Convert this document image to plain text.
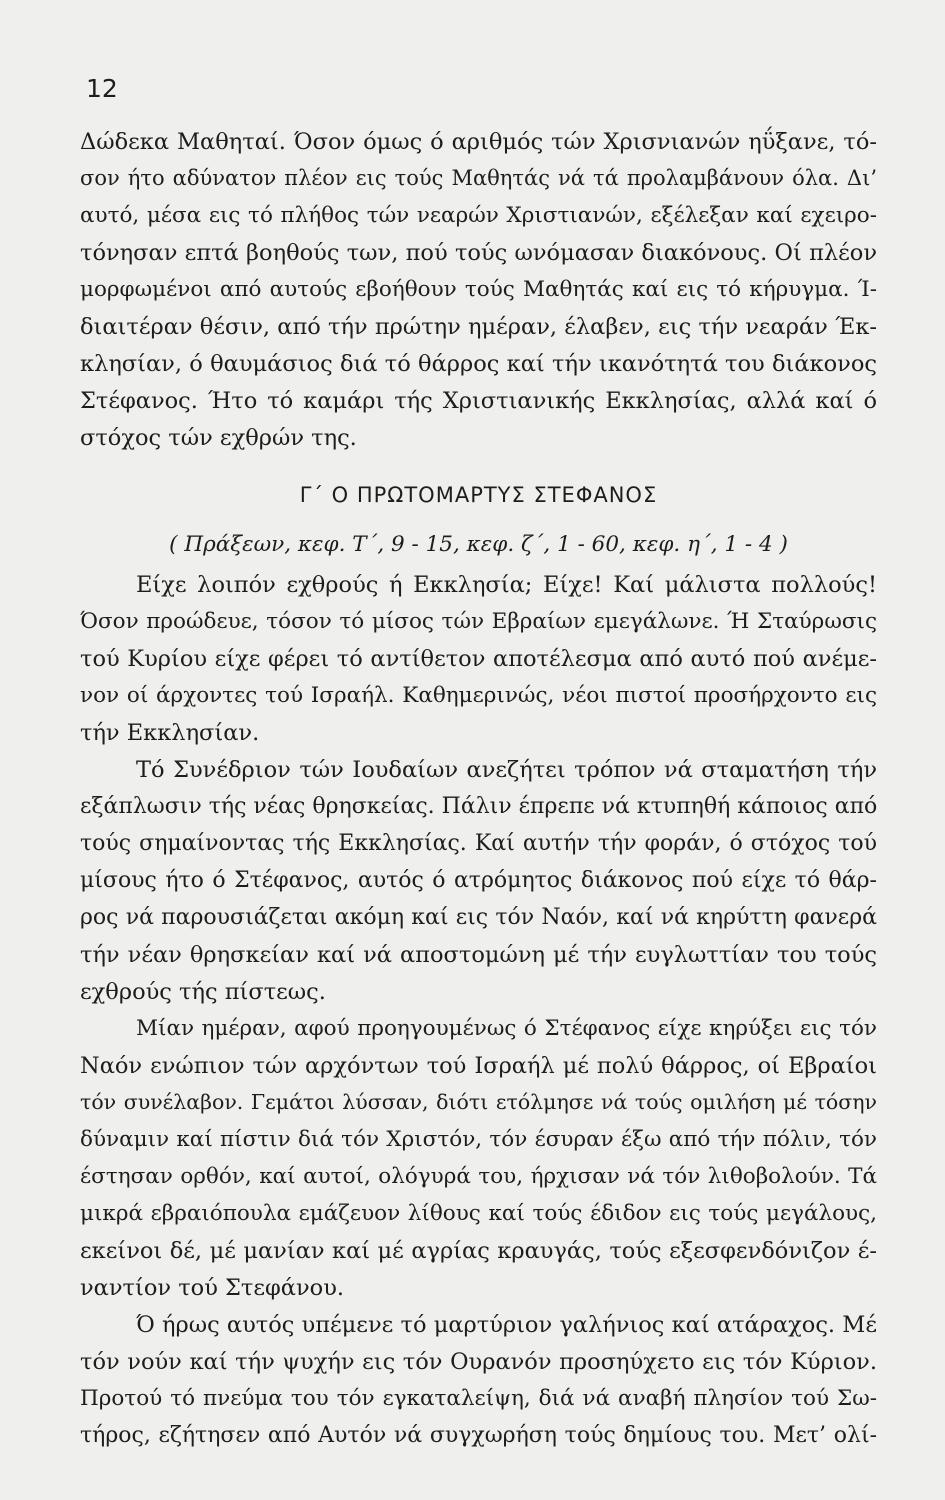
12
Δώδεκα Μαθηταί. Όσον όμως ό αριθμός τών Χρισνιανών ηΰξανε, τό-
σον ήτο αδύνατον πλέον εις τούς Μαθητάς νά τά προλαμβάνουν όλα. Δι’
αυτό, μέσα εις τό πλήθος τών νεαρών Χριστιανών, εξέλεξαν καί εχειρο-
τόνησαν επτά βοηθούς των, πού τούς ωνόμασαν διακόνους. Οί πλέον
μορφωμένοι από αυτούς εβοήθουν τούς Μαθητάς καί εις τό κήρυγμα. Ί-
διαιτέραν θέσιν, από τήν πρώτην ημέραν, έλαβεν, εις τήν νεαράν Έκ-
κλησίαν, ό θαυμάσιος διά τό θάρρος καί τήν ικανότητά του διάκονος
Στέφανος. Ήτο τό καμάρι τής Χριστιανικής Εκκλησίας, αλλά καί ό
στόχος τών εχθρών της.
Γ΄ Ο ΠΡΩΤΟΜΑΡΤΥΣ ΣΤΕΦΑΝΟΣ
( Πράξεων, κεφ. Τ΄, 9 - 15, κεφ. ζ΄, 1 - 60, κεφ. η΄, 1 - 4 )
Είχε λοιπόν εχθρούς ή Εκκλησία; Είχε! Καί μάλιστα πολλούς!
Όσον προώδευε, τόσον τό μίσος τών Εβραίων εμεγάλωνε. Ή Σταύρωσις
τού Κυρίου είχε φέρει τό αντίθετον αποτέλεσμα από αυτό πού ανέμε-
νον οί άρχοντες τού Ισραήλ. Καθημερινώς, νέοι πιστοί προσήρχοντο εις
τήν Εκκλησίαν.
Τό Συνέδριον τών Ιουδαίων ανεζήτει τρόπον νά σταματήση τήν
εξάπλωσιν τής νέας θρησκείας. Πάλιν έπρεπε νά κτυπηθή κάποιος από
τούς σημαίνοντας τής Εκκλησίας. Καί αυτήν τήν φοράν, ό στόχος τού
μίσους ήτο ό Στέφανος, αυτός ό ατρόμητος διάκονος πού είχε τό θάρ-
ρος νά παρουσιάζεται ακόμη καί εις τόν Ναόν, καί νά κηρύττη φανερά
τήν νέαν θρησκείαν καί νά αποστομώνη μέ τήν ευγλωττίαν του τούς
εχθρούς τής πίστεως.
Μίαν ημέραν, αφού προηγουμένως ό Στέφανος είχε κηρύξει εις τόν
Ναόν ενώπιον τών αρχόντων τού Ισραήλ μέ πολύ θάρρος, οί Εβραίοι
τόν συνέλαβον. Γεμάτοι λύσσαν, διότι ετόλμησε νά τούς ομιλήση μέ τόσην
δύναμιν καί πίστιν διά τόν Χριστόν, τόν έσυραν έξω από τήν πόλιν, τόν
έστησαν ορθόν, καί αυτοί, ολόγυρά του, ήρχισαν νά τόν λιθοβολούν. Τά
μικρά εβραιόπουλα εμάζευον λίθους καί τούς έδιδον εις τούς μεγάλους,
εκείνοι δέ, μέ μανίαν καί μέ αγρίας κραυγάς, τούς εξεσφενδόνιζον έ-
ναντίον τού Στεφάνου.
Ό ήρως αυτός υπέμενε τό μαρτύριον γαλήνιος καί ατάραχος. Μέ
τόν νούν καί τήν ψυχήν εις τόν Ουρανόν προσηύχετο εις τόν Κύριον.
Προτού τό πνεύμα του τόν εγκαταλείψη, διά νά αναβή πλησίον τού Σω-
τήρος, εζήτησεν από Αυτόν νά συγχωρήση τούς δημίους του. Μετ’ ολί-
